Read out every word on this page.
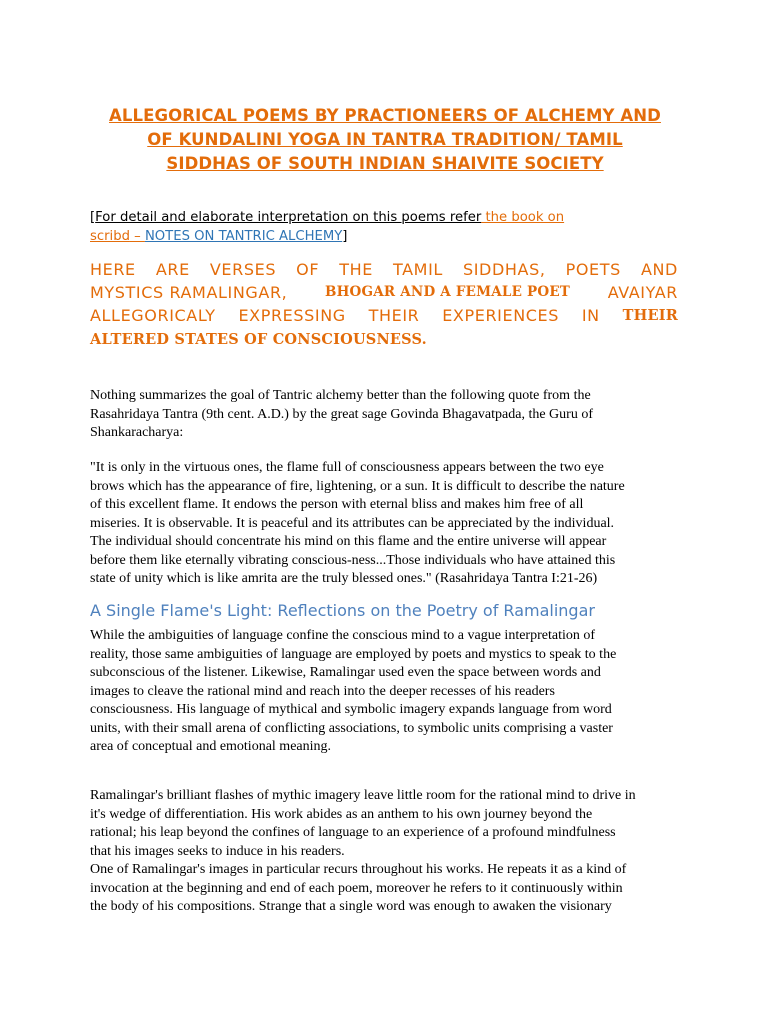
ALLEGORICAL POEMS BY PRACTIONEERS OF ALCHEMY AND
OF KUNDALINI YOGA IN TANTRA TRADITION/ TAMIL
SIDDHAS OF SOUTH INDIAN SHAIVITE SOCIETY
[For detail and elaborate interpretation on this poems refer the book on
scribd – NOTES ON TANTRIC ALCHEMY]
HERE ARE VERSES OF THE TAMIL SIDDHAS, POETS AND
MYSTICS RAMALINGAR,	BHOGAR AND A FEMALE POET AVAIYAR
ALLEGORICALY EXPRESSING THEIR EXPERIENCES IN THEIR
ALTERED STATES OF CONSCIOUSNESS.
Nothing summarizes the goal of Tantric alchemy better than the following quote from the
Rasahridaya Tantra (9th cent. A.D.) by the great sage Govinda Bhagavatpada, the Guru of
Shankaracharya:
"It is only in the virtuous ones, the flame full of consciousness appears between the two eye
brows which has the appearance of fire, lightening, or a sun. It is difficult to describe the nature
of this excellent flame. It endows the person with eternal bliss and makes him free of all
miseries. It is observable. It is peaceful and its attributes can be appreciated by the individual.
The individual should concentrate his mind on this flame and the entire universe will appear
before them like eternally vibrating conscious-ness...Those individuals who have attained this
state of unity which is like amrita are the truly blessed ones." (Rasahridaya Tantra I:21-26)
A Single Flame's Light: Reflections on the Poetry of Ramalingar
While the ambiguities of language confine the conscious mind to a vague interpretation of
reality, those same ambiguities of language are employed by poets and mystics to speak to the
subconscious of the listener. Likewise, Ramalingar used even the space between words and
images to cleave the rational mind and reach into the deeper recesses of his readers
consciousness. His language of mythical and symbolic imagery expands language from word
units, with their small arena of conflicting associations, to symbolic units comprising a vaster
area of conceptual and emotional meaning.
Ramalingar's brilliant flashes of mythic imagery leave little room for the rational mind to drive in
it's wedge of differentiation. His work abides as an anthem to his own journey beyond the
rational; his leap beyond the confines of language to an experience of a profound mindfulness
that his images seeks to induce in his readers.
One of Ramalingar's images in particular recurs throughout his works. He repeats it as a kind of
invocation at the beginning and end of each poem, moreover he refers to it continuously within
the body of his compositions. Strange that a single word was enough to awaken the visionary
